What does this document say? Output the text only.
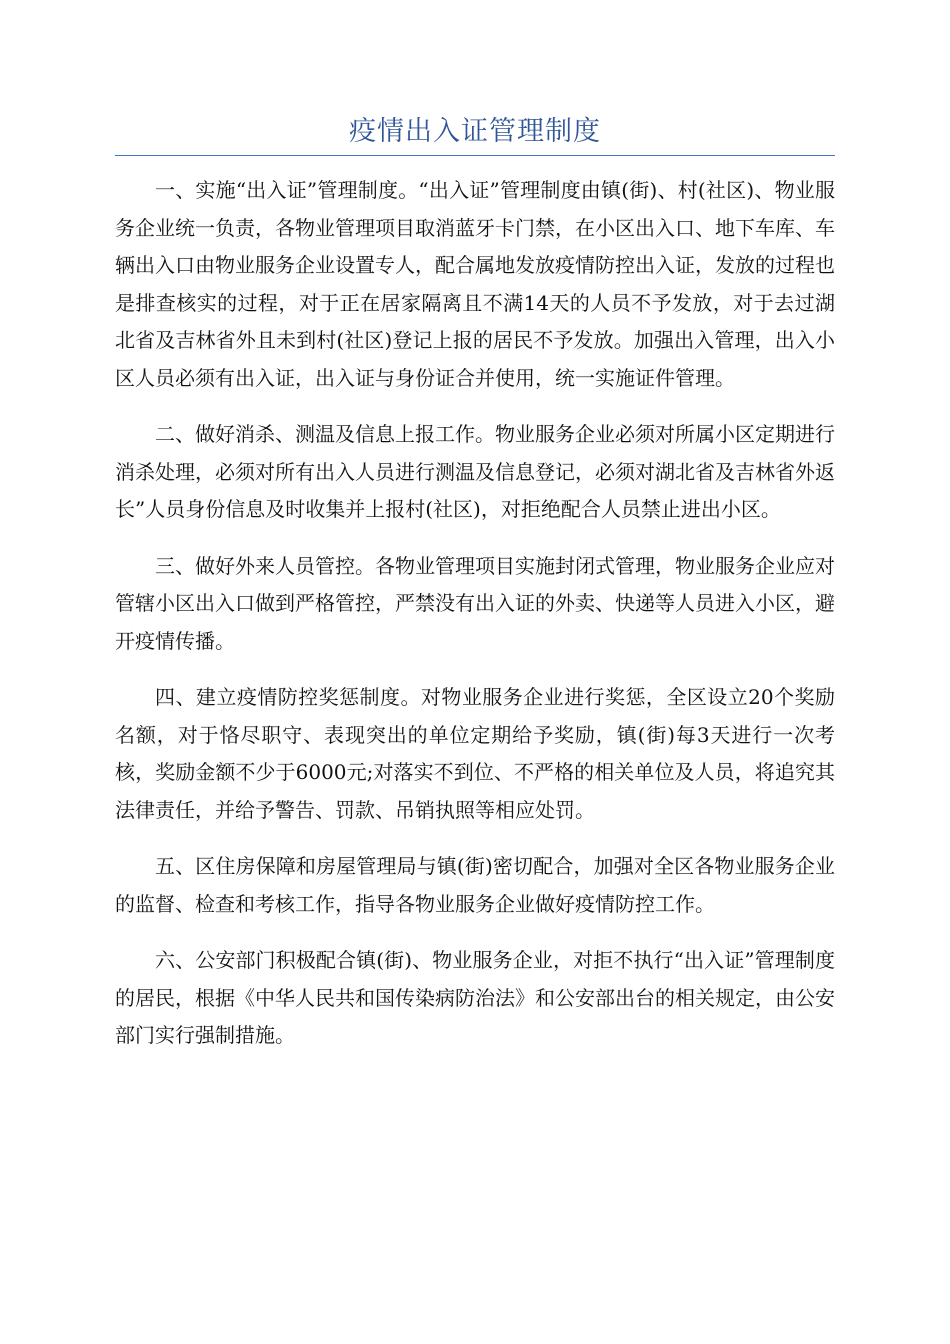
疫情出入证管理制度

一、实施“出入证”管理制度。“出入证”管理制度由镇(街)、村(社区)、物业服务企业统一负责，各物业管理项目取消蓝牙卡门禁，在小区出入口、地下车库、车辆出入口由物业服务企业设置专人，配合属地发放疫情防控出入证，发放的过程也是排查核实的过程，对于正在居家隔离且不满14天的人员不予发放，对于去过湖北省及吉林省外且未到村(社区)登记上报的居民不予发放。加强出入管理，出入小区人员必须有出入证，出入证与身份证合并使用，统一实施证件管理。

二、做好消杀、测温及信息上报工作。物业服务企业必须对所属小区定期进行消杀处理，必须对所有出入人员进行测温及信息登记，必须对湖北省及吉林省外返长”人员身份信息及时收集并上报村(社区)，对拒绝配合人员禁止进出小区。

三、做好外来人员管控。各物业管理项目实施封闭式管理，物业服务企业应对管辖小区出入口做到严格管控，严禁没有出入证的外卖、快递等人员进入小区，避开疫情传播。

四、建立疫情防控奖惩制度。对物业服务企业进行奖惩，全区设立20个奖励名额，对于恪尽职守、表现突出的单位定期给予奖励，镇(街)每3天进行一次考核，奖励金额不少于6000元;对落实不到位、不严格的相关单位及人员，将追究其法律责任，并给予警告、罚款、吊销执照等相应处罚。

五、区住房保障和房屋管理局与镇(街)密切配合，加强对全区各物业服务企业的监督、检查和考核工作，指导各物业服务企业做好疫情防控工作。

六、公安部门积极配合镇(街)、物业服务企业，对拒不执行“出入证”管理制度的居民，根据《中华人民共和国传染病防治法》和公安部出台的相关规定，由公安部门实行强制措施。
